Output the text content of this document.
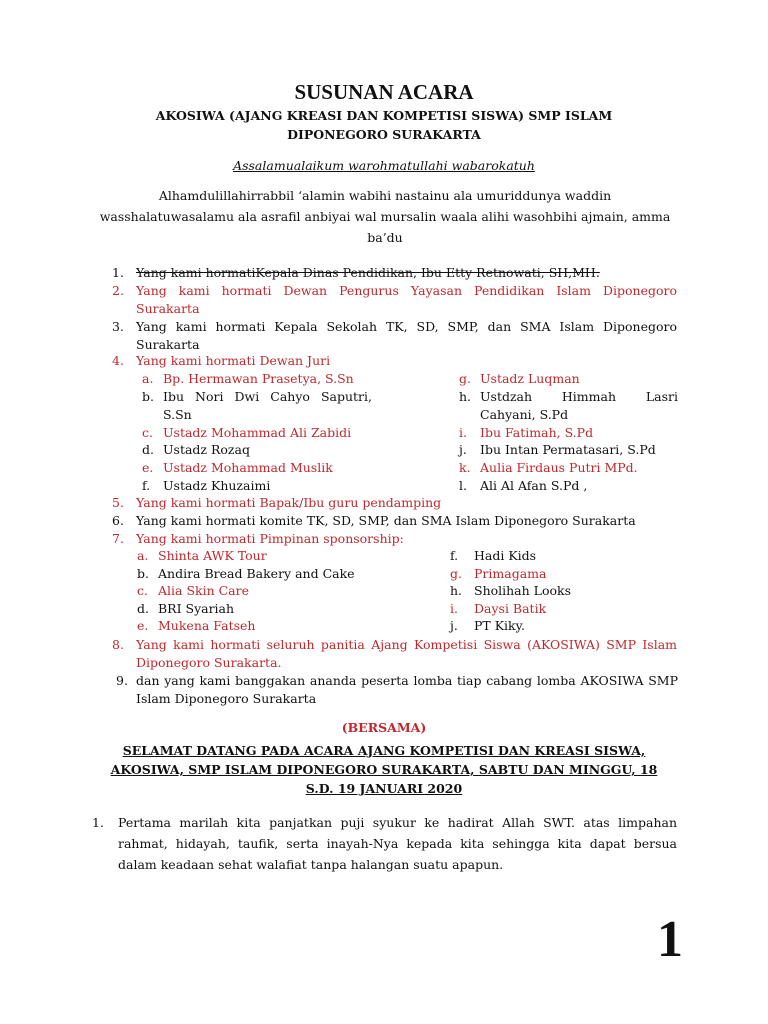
SUSUNAN ACARA
AKOSIWA (AJANG KREASI DAN KOMPETISI SISWA) SMP ISLAM DIPONEGORO SURAKARTA
Assalamualaikum warohmatullahi wabarokatuh
Alhamdulillahirrabbil ‘alamin wabihi nastainu ala umuriddunya waddin wasshalatuwasalamu ala asrafil anbiyai wal mursalin waala alihi wasohbihi ajmain, amma ba’du
1. Yang kami hormatiKepala Dinas Pendidikan, Ibu Etty Retnowati, SH,MH.
2. Yang kami hormati Dewan Pengurus Yayasan Pendidikan Islam Diponegoro Surakarta
3. Yang kami hormati Kepala Sekolah TK, SD, SMP, dan SMA Islam Diponegoro Surakarta
4. Yang kami hormati Dewan Juri
a. Bp. Hermawan Prasetya, S.Sn
b. Ibu Nori Dwi Cahyo Saputri, S.Sn
c. Ustadz Mohammad Ali Zabidi
d. Ustadz Rozaq
e. Ustadz Mohammad Muslik
f. Ustadz Khuzaimi
g. Ustadz Luqman
h. Ustdzah Himmah Lasri Cahyani, S.Pd
i. Ibu Fatimah, S.Pd
j. Ibu Intan Permatasari, S.Pd
k. Aulia Firdaus Putri MPd.
l. Ali Al Afan S.Pd ,
5. Yang kami hormati Bapak/Ibu guru pendamping
6. Yang kami hormati komite TK, SD, SMP, dan SMA Islam Diponegoro Surakarta
7. Yang kami hormati Pimpinan sponsorship:
a. Shinta AWK Tour
b. Andira Bread Bakery and Cake
c. Alia Skin Care
d. BRI Syariah
e. Mukena Fatseh
f. Hadi Kids
g. Primagama
h. Sholihah Looks
i. Daysi Batik
j. PT Kiky.
8. Yang kami hormati seluruh panitia Ajang Kompetisi Siswa (AKOSIWA) SMP Islam Diponegoro Surakarta.
9. dan yang kami banggakan ananda peserta lomba tiap cabang lomba AKOSIWA SMP Islam Diponegoro Surakarta
(BERSAMA)
SELAMAT DATANG PADA ACARA AJANG KOMPETISI DAN KREASI SISWA, AKOSIWA, SMP ISLAM DIPONEGORO SURAKARTA, SABTU DAN MINGGU, 18 S.D. 19 JANUARI 2020
1. Pertama marilah kita panjatkan puji syukur ke hadirat Allah SWT. atas limpahan rahmat, hidayah, taufik, serta inayah-Nya kepada kita sehingga kita dapat bersua dalam keadaan sehat walafiat tanpa halangan suatu apapun.
1
